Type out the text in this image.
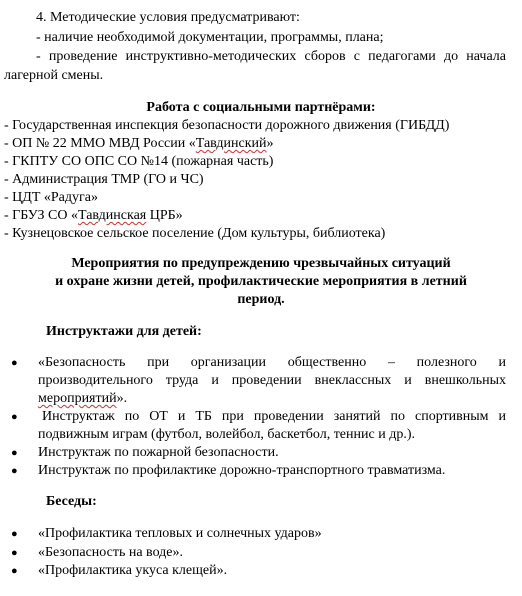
4. Методические условия предусматривают:
- наличие необходимой документации, программы, плана;
- проведение инструктивно-методических сборов с педагогами до начала
лагерной смены.
Работа с социальными партнёрами:
- Государственная инспекция безопасности дорожного движения (ГИБДД)
- ОП № 22 ММО МВД России «Тавдинский»
- ГКПТУ СО ОПС СО №14 (пожарная часть)
- Администрация ТМР (ГО и ЧС)
- ЦДТ «Радуга»
- ГБУЗ СО «Тавдинская ЦРБ»
- Кузнецовское сельское поселение (Дом культуры, библиотека)
Мероприятия по предупреждению чрезвычайных ситуаций
и охране жизни детей, профилактические мероприятия в летний
период.
Инструктажи для детей:
● «Безопасность при организации общественно – полезного и
производительного труда и проведении внеклассных и внешкольных
мероприятий».
● Инструктаж по ОТ и ТБ при проведении занятий по спортивным и
подвижным играм (футбол, волейбол, баскетбол, теннис и др.).
● Инструктаж по пожарной безопасности.
● Инструктаж по профилактике дорожно-транспортного травматизма.
Беседы:
● «Профилактика тепловых и солнечных ударов»
● «Безопасность на воде».
● «Профилактика укуса клещей».
